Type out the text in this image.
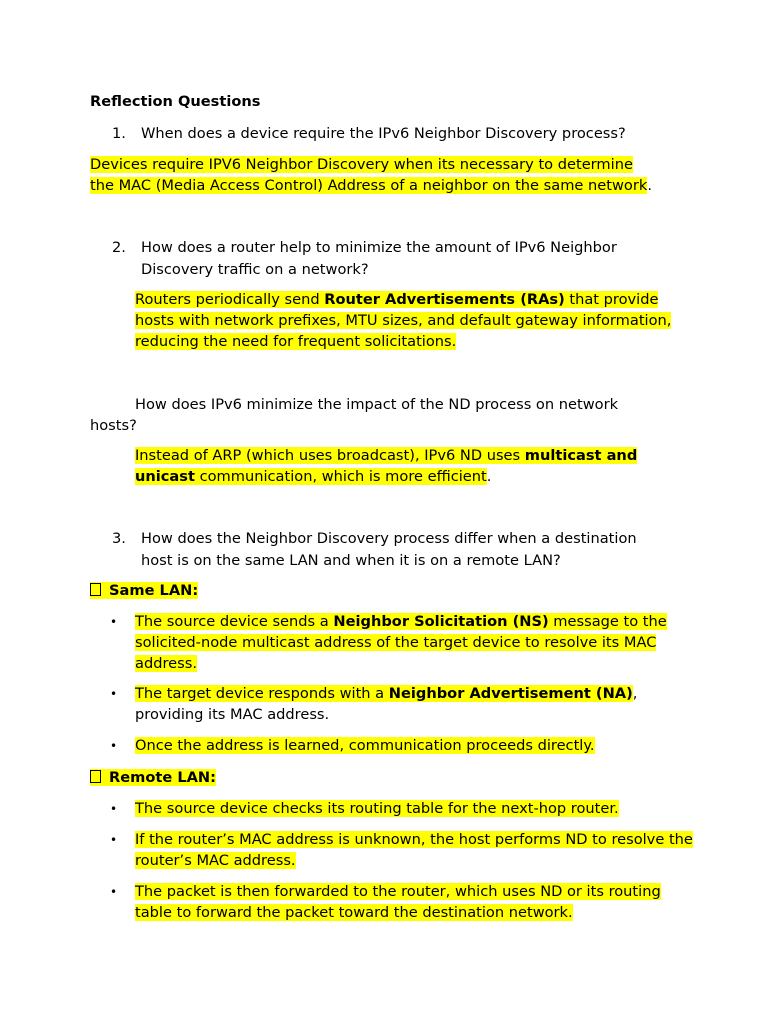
Reflection Questions
1. When does a device require the IPv6 Neighbor Discovery process?
Devices require IPV6 Neighbor Discovery when its necessary to determine
the MAC (Media Access Control) Address of a neighbor on the same network.
2. How does a router help to minimize the amount of IPv6 Neighbor
Discovery traffic on a network?
Routers periodically send Router Advertisements (RAs) that provide hosts with network prefixes, MTU sizes, and default gateway information, reducing the need for frequent solicitations.
How does IPv6 minimize the impact of the ND process on network
hosts?
Instead of ARP (which uses broadcast), IPv6 ND uses multicast and
unicast communication, which is more efficient.
3. How does the Neighbor Discovery process differ when a destination
host is on the same LAN and when it is on a remote LAN?
Same LAN:
• The source device sends a Neighbor Solicitation (NS) message to the solicited-node multicast address of the target device to resolve its MAC address.
• The target device responds with a Neighbor Advertisement (NA), providing its MAC address.
• Once the address is learned, communication proceeds directly.
Remote LAN:
• The source device checks its routing table for the next-hop router.
• If the router’s MAC address is unknown, the host performs ND to resolve the router’s MAC address.
• The packet is then forwarded to the router, which uses ND or its routing table to forward the packet toward the destination network.
